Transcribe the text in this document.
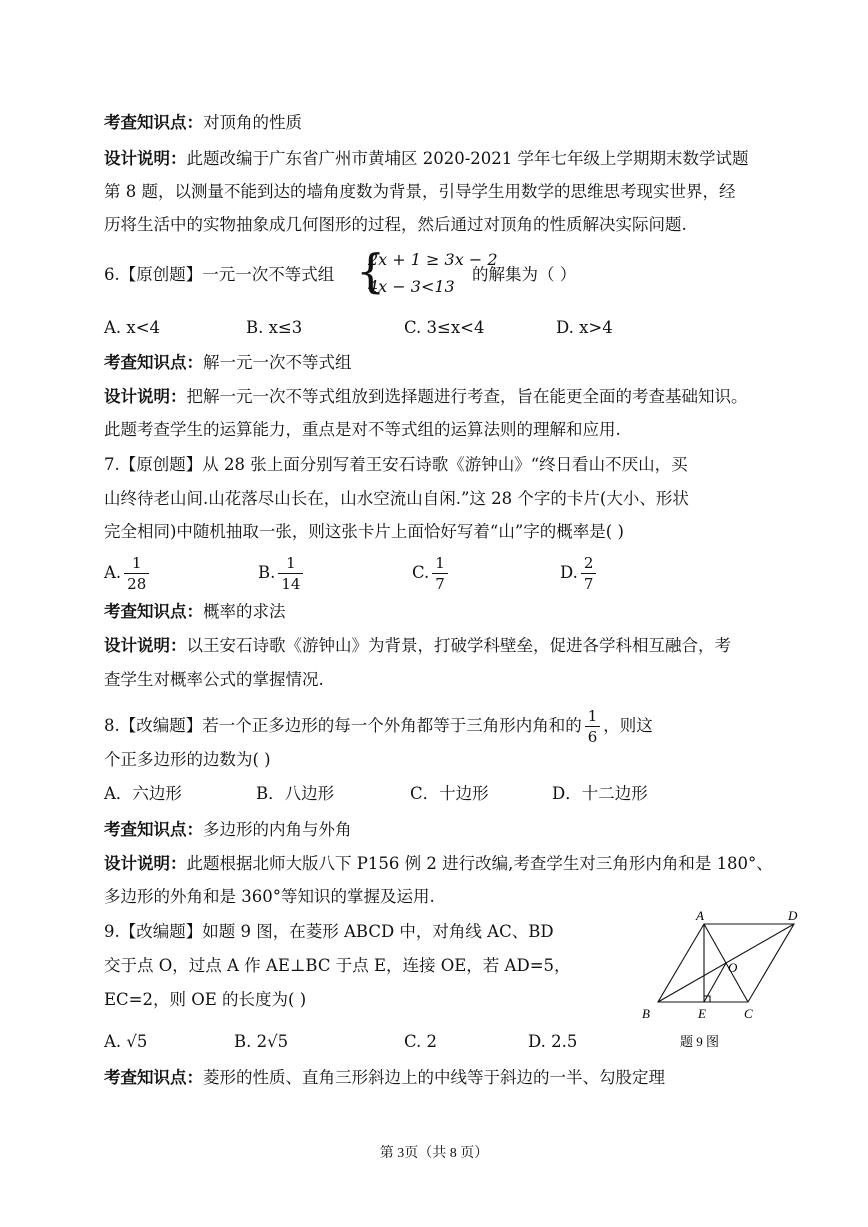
考查知识点：对顶角的性质
设计说明：此题改编于广东省广州市黄埔区 2020-2021 学年七年级上学期期末数学试题
第 8 题，以测量不能到达的墙角度数为背景，引导学生用数学的思维思考现实世界，经
历将生活中的实物抽象成几何图形的过程，然后通过对顶角的性质解决实际问题.
6.【原创题】一元一次不等式组 {
2x + 1 ≥ 3x − 2
4x − 3<13
的解集为（ ）
A. x<4	B. x≤3	C. 3≤x<4	D. x>4
考查知识点：解一元一次不等式组
设计说明：把解一元一次不等式组放到选择题进行考查，旨在能更全面的考查基础知识。
此题考查学生的运算能力，重点是对不等式组的运算法则的理解和应用.
7.【原创题】从 28 张上面分别写着王安石诗歌《游钟山》“终日看山不厌山，买
山终待老山间.山花落尽山长在，山水空流山自闲.”这 28 个字的卡片(大小、形状
完全相同)中随机抽取一张，则这张卡片上面恰好写着“山”字的概率是( )
A. $\frac{1}{28}$	B. $\frac{1}{14}$	C. $\frac{1}{7}$	D. $\frac{2}{7}$
考查知识点：概率的求法
设计说明：以王安石诗歌《游钟山》为背景，打破学科壁垒，促进各学科相互融合，考
查学生对概率公式的掌握情况.
8.【改编题】若一个正多边形的每一个外角都等于三角形内角和的 $\frac{1}{6}$ ，则这
个正多边形的边数为( )
A．六边形	B．八边形	C．十边形	D．十二边形
考查知识点：多边形的内角与外角
设计说明：此题根据北师大版八下 P156 例 2 进行改编,考查学生对三角形内角和是 180°、
多边形的外角和是 360°等知识的掌握及运用.
9.【改编题】如题 9 图，在菱形 ABCD 中，对角线 AC、BD
交于点 O，过点 A 作 AE⊥BC 于点 E，连接 OE，若 AD=5，
EC=2，则 OE 的长度为( )
A. √5	B. 2√5	C. 2	D. 2.5
A	D
B	C
E
O
题 9 图
考查知识点：菱形的性质、直角三形斜边上的中线等于斜边的一半、勾股定理
第 3页（共 8 页）
